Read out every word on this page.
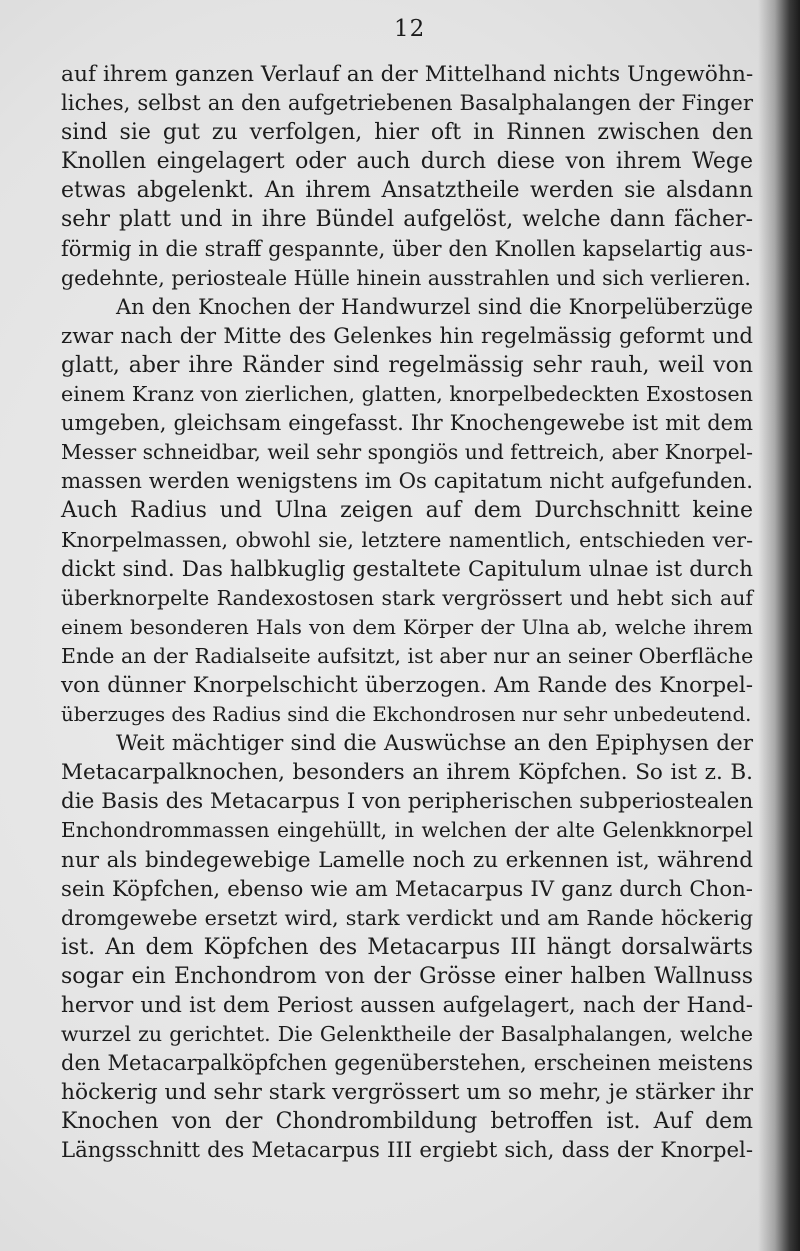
12
auf ihrem ganzen Verlauf an der Mittelhand nichts Ungewöhn-
liches, selbst an den aufgetriebenen Basalphalangen der Finger
sind sie gut zu verfolgen, hier oft in Rinnen zwischen den
Knollen eingelagert oder auch durch diese von ihrem Wege
etwas abgelenkt. An ihrem Ansatztheile werden sie alsdann
sehr platt und in ihre Bündel aufgelöst, welche dann fächer-
förmig in die straff gespannte, über den Knollen kapselartig aus-
gedehnte, periosteale Hülle hinein ausstrahlen und sich verlieren.
An den Knochen der Handwurzel sind die Knorpelüberzüge
zwar nach der Mitte des Gelenkes hin regelmässig geformt und
glatt, aber ihre Ränder sind regelmässig sehr rauh, weil von
einem Kranz von zierlichen, glatten, knorpelbedeckten Exostosen
umgeben, gleichsam eingefasst. Ihr Knochengewebe ist mit dem
Messer schneidbar, weil sehr spongiös und fettreich, aber Knorpel-
massen werden wenigstens im Os capitatum nicht aufgefunden.
Auch Radius und Ulna zeigen auf dem Durchschnitt keine
Knorpelmassen, obwohl sie, letztere namentlich, entschieden ver-
dickt sind. Das halbkuglig gestaltete Capitulum ulnae ist durch
überknorpelte Randexostosen stark vergrössert und hebt sich auf
einem besonderen Hals von dem Körper der Ulna ab, welche ihrem
Ende an der Radialseite aufsitzt, ist aber nur an seiner Oberfläche
von dünner Knorpelschicht überzogen. Am Rande des Knorpel-
überzuges des Radius sind die Ekchondrosen nur sehr unbedeutend.
Weit mächtiger sind die Auswüchse an den Epiphysen der
Metacarpalknochen, besonders an ihrem Köpfchen. So ist z. B.
die Basis des Metacarpus I von peripherischen subperiostealen
Enchondrommassen eingehüllt, in welchen der alte Gelenkknorpel
nur als bindegewebige Lamelle noch zu erkennen ist, während
sein Köpfchen, ebenso wie am Metacarpus IV ganz durch Chon-
dromgewebe ersetzt wird, stark verdickt und am Rande höckerig
ist. An dem Köpfchen des Metacarpus III hängt dorsalwärts
sogar ein Enchondrom von der Grösse einer halben Wallnuss
hervor und ist dem Periost aussen aufgelagert, nach der Hand-
wurzel zu gerichtet. Die Gelenktheile der Basalphalangen, welche
den Metacarpalköpfchen gegenüberstehen, erscheinen meistens
höckerig und sehr stark vergrössert um so mehr, je stärker ihr
Knochen von der Chondrombildung betroffen ist. Auf dem
Längsschnitt des Metacarpus III ergiebt sich, dass der Knorpel-
